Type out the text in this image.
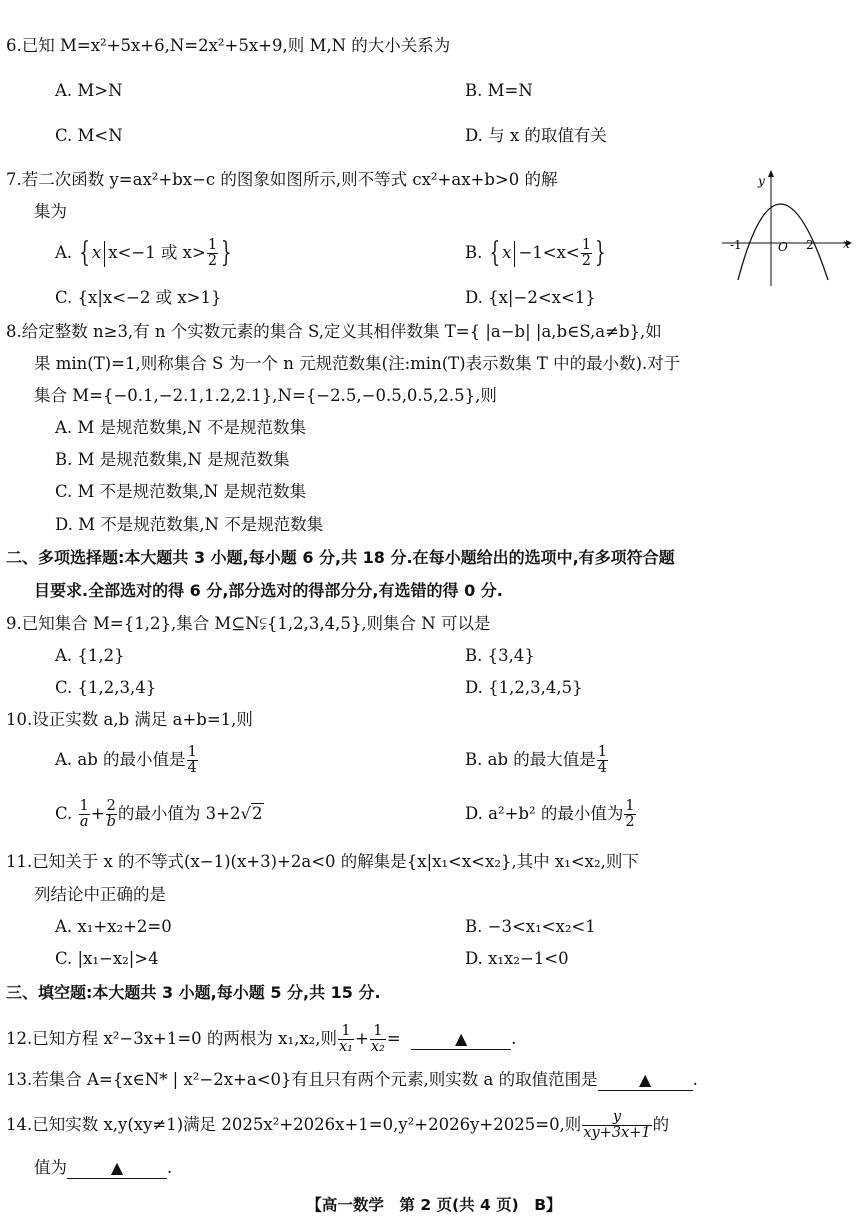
6.已知 M=x²+5x+6,N=2x²+5x+9,则 M,N 的大小关系为
A. M>N	B. M=N
C. M<N	D. 与 x 的取值有关
7.若二次函数 y=ax²+bx−c 的图象如图所示,则不等式 cx²+ax+b>0 的解
集为
A. { x x<−1 或 $x> \frac{1}{2}$ }	B. { $x -1<x< \frac{1}{2}$ }
C. {x|x<−2 或 x>1}	D. {x|−2<x<1}
y
x
O
-1	2
8.给定整数 n≥3,有 n 个实数元素的集合 S,定义其相伴数集 T={ |a−b| |a,b∈S,a≠b},如
果 min(T)=1,则称集合 S 为一个 n 元规范数集(注:min(T)表示数集 T 中的最小数).对于
集合 M={−0.1,−2.1,1.2,2.1},N={−2.5,−0.5,0.5,2.5},则
A. M 是规范数集,N 不是规范数集
B. M 是规范数集,N 是规范数集
C. M 不是规范数集,N 是规范数集
D. M 不是规范数集,N 不是规范数集
二、多项选择题:本大题共 3 小题,每小题 6 分,共 18 分.在每小题给出的选项中,有多项符合题
目要求.全部选对的得 6 分,部分选对的得部分分,有选错的得 0 分.
9.已知集合 M={1,2},集合 M⊆N⫋{1,2,3,4,5},则集合 N 可以是
A. {1,2}	B. {3,4}
C. {1,2,3,4}	D. {1,2,3,4,5}
10.设正实数 a,b 满足 a+b=1,则
A. ab 的最小值是 $\frac{1}{4}$	B. ab 的最大值是 $\frac{1}{4}$
C. $\frac{1}{a} + \frac{2}{b}$ 的最小值为 3+2√2	D. a²+b² 的最小值为 $\frac{1}{2}$
11.已知关于 x 的不等式(x−1)(x+3)+2a<0 的解集是{x|x₁<x<x₂},其中 x₁<x₂,则下
列结论中正确的是
A. x₁+x₂+2=0	B. −3<x₁<x₂<1
C. |x₁−x₂|>4	D. x₁x₂−1<0
三、填空题:本大题共 3 小题,每小题 5 分,共 15 分.
12.已知方程 x²−3x+1=0 的两根为 x₁,x₂,则 $\frac{1}{\text{x₁}} + \frac{1}{\text{x₂}}$ =	▲	.
13.若集合 A={x∈N* | x²−2x+a<0}有且只有两个元素,则实数 a 的取值范围是	▲	.
14.已知实数 x,y(xy≠1)满足 2025x²+2026x+1=0,y²+2026y+2025=0,则 $\frac{y}{xy+3x+1}$ 的
值为	▲	.
【高一数学　第 2 页(共 4 页)　B】
